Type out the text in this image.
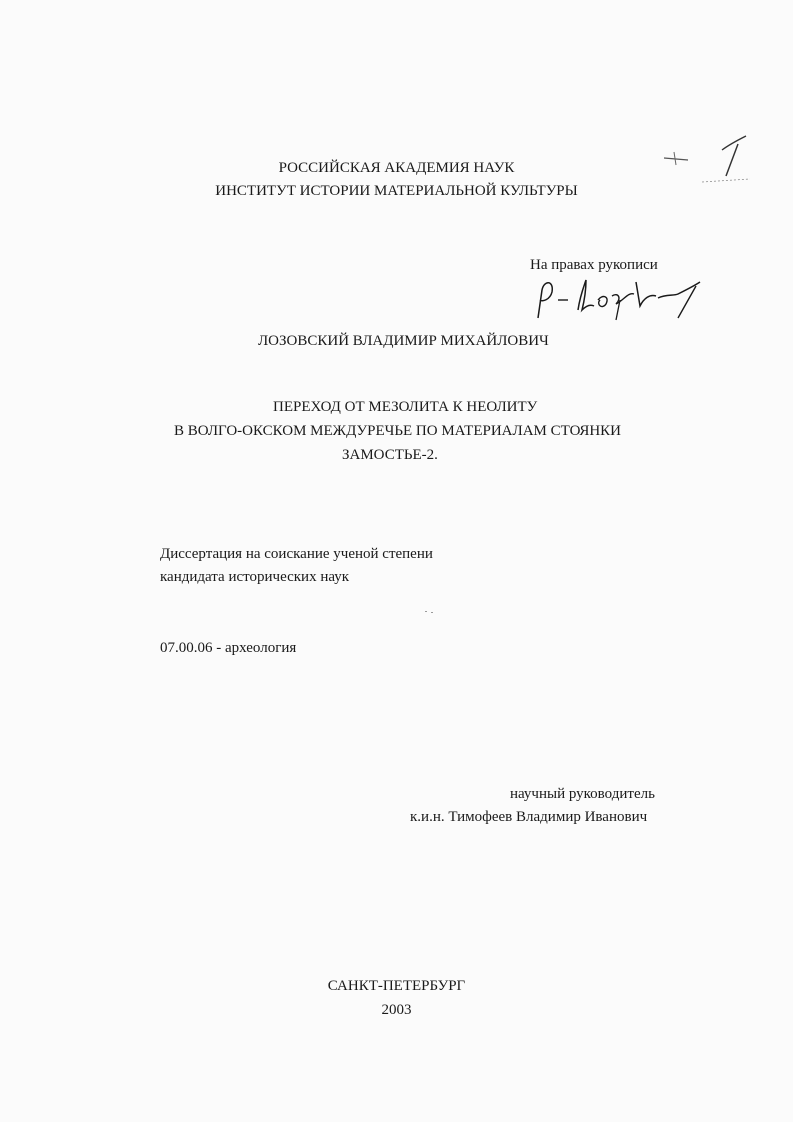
РОССИЙСКАЯ АКАДЕМИЯ НАУК
ИНСТИТУТ ИСТОРИИ МАТЕРИАЛЬНОЙ КУЛЬТУРЫ
На правах рукописи
ЛОЗОВСКИЙ ВЛАДИМИР МИХАЙЛОВИЧ
ПЕРЕХОД ОТ МЕЗОЛИТА К НЕОЛИТУ
В ВОЛГО-ОКСКОМ МЕЖДУРЕЧЬЕ ПО МАТЕРИАЛАМ СТОЯНКИ
ЗАМОСТЬЕ-2.
Диссертация на соискание ученой степени
кандидата исторических наук
07.00.06 - археология
научный руководитель
к.и.н. Тимофеев Владимир Иванович
САНКТ-ПЕТЕРБУРГ
2003
